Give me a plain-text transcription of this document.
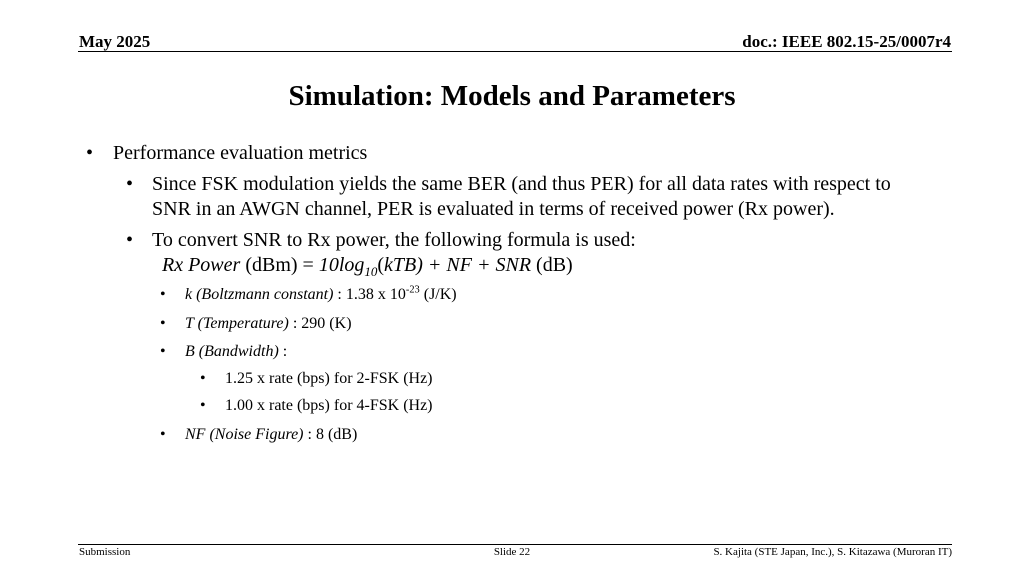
May 2025	doc.: IEEE 802.15-25/0007r4
Simulation: Models and Parameters
• Performance evaluation metrics
• Since FSK modulation yields the same BER (and thus PER) for all data rates with respect to
SNR in an AWGN channel, PER is evaluated in terms of received power (Rx power).
• To convert SNR to Rx power, the following formula is used:
Rx Power $(dBm) = 10\log_{10}(kTB)$ + NF + SNR (dB)
• k (Boltzmann constant) : 1.38 x $10^{-23}$ (J/K)
• T (Temperature) : 290 (K)
• B (Bandwidth) :
• 1.25 x rate (bps) for 2-FSK (Hz)
• 1.00 x rate (bps) for 4-FSK (Hz)
• NF (Noise Figure) : 8 (dB)
Submission	Slide 22	S. Kajita (STE Japan, Inc.), S. Kitazawa (Muroran IT)
